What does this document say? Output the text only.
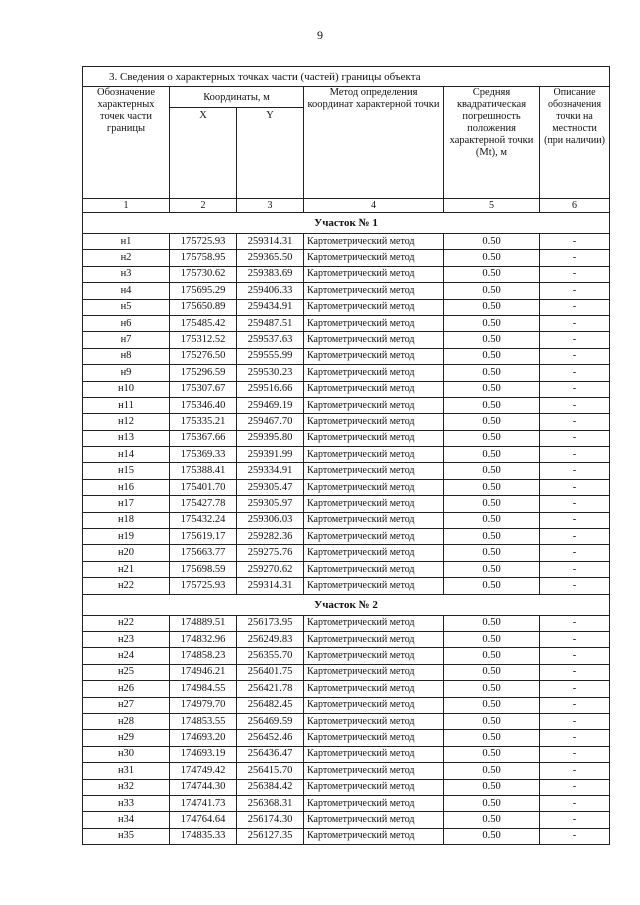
9
3. Сведения о характерных точках части (частей) границы объекта					
Обозначение характерных точек части границы	Координаты, м		Метод определения координат характерной точки	Средняя квадратическая погрешность положения характерной точки (Mt), м	Описание обозначения точки на местности (при наличии)
	X	Y			
1	2	3	4	5	6
Участок № 1					
н1	175725.93	259314.31	Картометрический метод	0.50	-
н2	175758.95	259365.50	Картометрический метод	0.50	-
н3	175730.62	259383.69	Картометрический метод	0.50	-
н4	175695.29	259406.33	Картометрический метод	0.50	-
н5	175650.89	259434.91	Картометрический метод	0.50	-
н6	175485.42	259487.51	Картометрический метод	0.50	-
н7	175312.52	259537.63	Картометрический метод	0.50	-
н8	175276.50	259555.99	Картометрический метод	0.50	-
н9	175296.59	259530.23	Картометрический метод	0.50	-
н10	175307.67	259516.66	Картометрический метод	0.50	-
н11	175346.40	259469.19	Картометрический метод	0.50	-
н12	175335.21	259467.70	Картометрический метод	0.50	-
н13	175367.66	259395.80	Картометрический метод	0.50	-
н14	175369.33	259391.99	Картометрический метод	0.50	-
н15	175388.41	259334.91	Картометрический метод	0.50	-
н16	175401.70	259305.47	Картометрический метод	0.50	-
н17	175427.78	259305.97	Картометрический метод	0.50	-
н18	175432.24	259306.03	Картометрический метод	0.50	-
н19	175619.17	259282.36	Картометрический метод	0.50	-
н20	175663.77	259275.76	Картометрический метод	0.50	-
н21	175698.59	259270.62	Картометрический метод	0.50	-
н22	175725.93	259314.31	Картометрический метод	0.50	-
Участок № 2					
н22	174889.51	256173.95	Картометрический метод	0.50	-
н23	174832.96	256249.83	Картометрический метод	0.50	-
н24	174858.23	256355.70	Картометрический метод	0.50	-
н25	174946.21	256401.75	Картометрический метод	0.50	-
н26	174984.55	256421.78	Картометрический метод	0.50	-
н27	174979.70	256482.45	Картометрический метод	0.50	-
н28	174853.55	256469.59	Картометрический метод	0.50	-
н29	174693.20	256452.46	Картометрический метод	0.50	-
н30	174693.19	256436.47	Картометрический метод	0.50	-
н31	174749.42	256415.70	Картометрический метод	0.50	-
н32	174744.30	256384.42	Картометрический метод	0.50	-
н33	174741.73	256368.31	Картометрический метод	0.50	-
н34	174764.64	256174.30	Картометрический метод	0.50	-
н35	174835.33	256127.35	Картометрический метод	0.50	-
